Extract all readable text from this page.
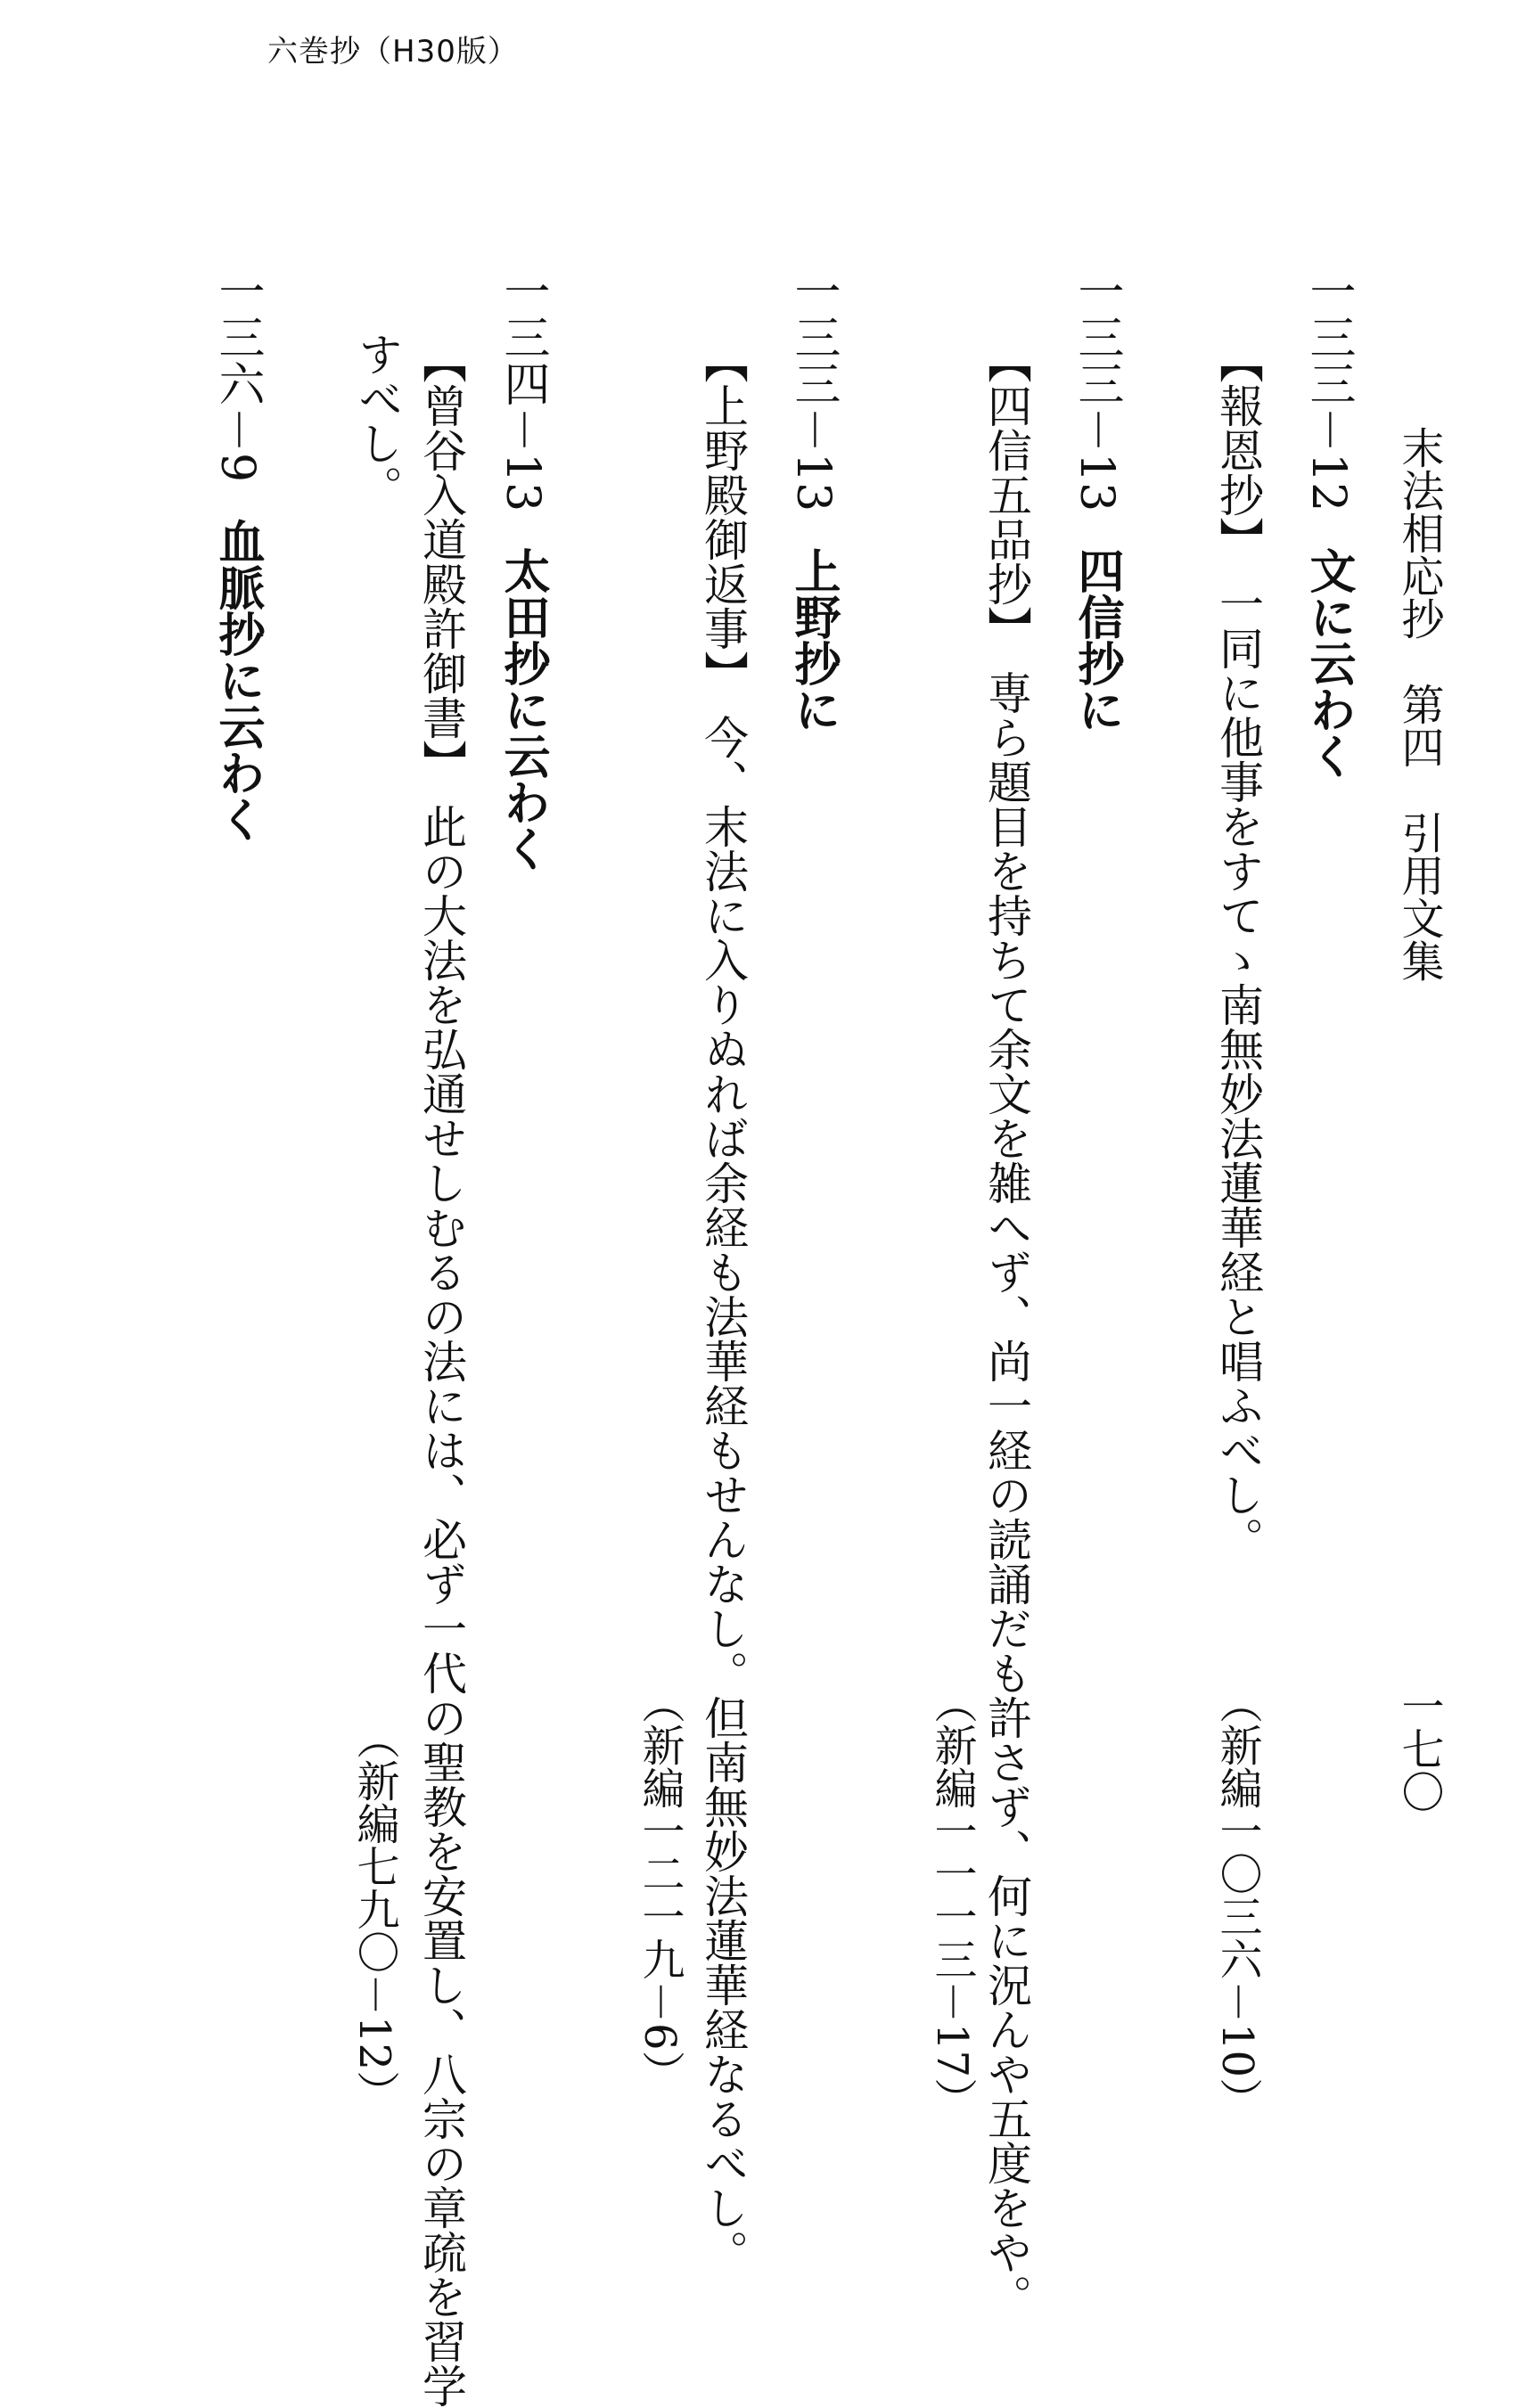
六巻抄（H30版）
末法相応抄　第四　引用文集
一七〇
一三三－12文に云わく
【報恩抄】一同に他事をすてゝ南無妙法蓮華経と唱ふべし。
（新編一〇三六－10）
一三三－13四信抄に
【四信五品抄】専ら題目を持ちて余文を雑へず、尚一経の読誦だも許さず、何に況んや五度をや。
（新編一一一三－17）
一三三－13上野抄に
【上野殿御返事】今、末法に入りぬれば余経も法華経もせんなし。但南無妙法蓮華経なるべし。
（新編一二一九－6）
一三四－13太田抄に云わく
【曾谷入道殿許御書】此の大法を弘通せしむるの法には、必ず一代の聖教を安置し、八宗の章疏を習学
すべし。
（新編七九〇－12）
一三六－9血脈抄に云わく
